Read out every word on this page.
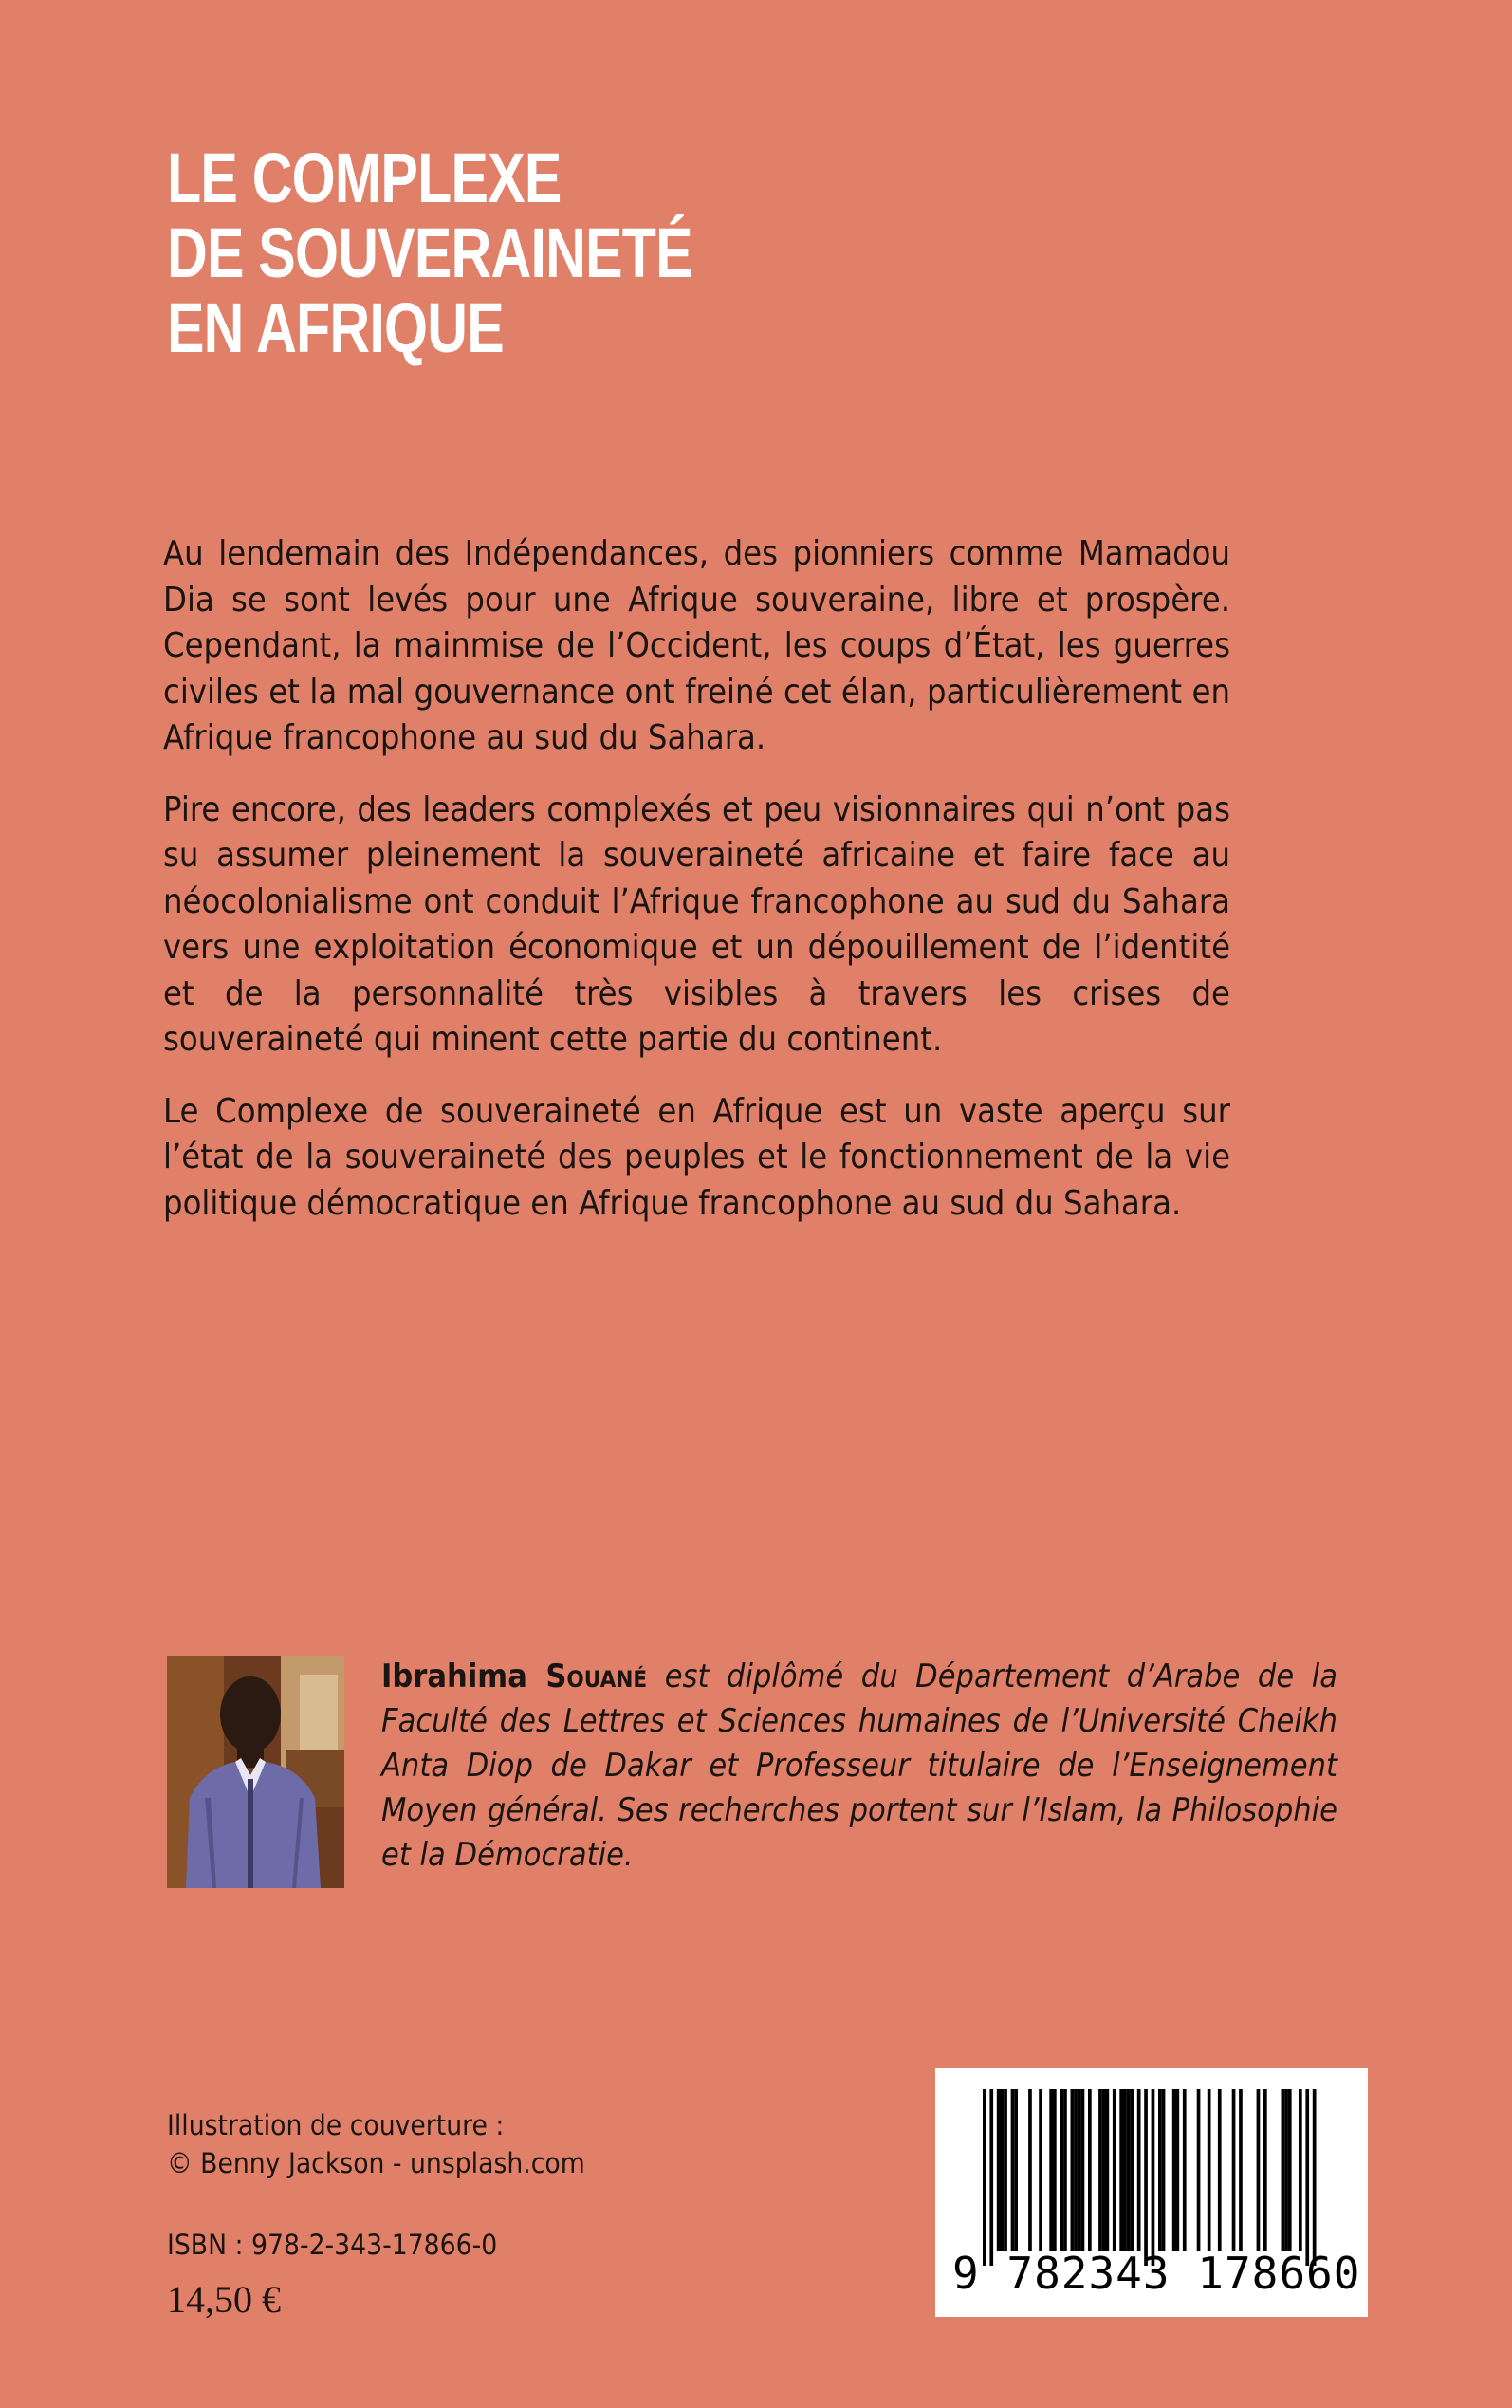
LE COMPLEXE
DE SOUVERAINETÉ
EN AFRIQUE

Au lendemain des Indépendances, des pionniers comme Mamadou Dia se sont levés pour une Afrique souveraine, libre et prospère. Cependant, la mainmise de l’Occident, les coups d’État, les guerres civiles et la mal gouvernance ont freiné cet élan, particulièrement en Afrique francophone au sud du Sahara.

Pire encore, des leaders complexés et peu visionnaires qui n’ont pas su assumer pleinement la souveraineté africaine et faire face au néocolonialisme ont conduit l’Afrique francophone au sud du Sahara vers une exploitation économique et un dépouillement de l’identité et de la personnalité très visibles à travers les crises de souveraineté qui minent cette partie du continent.

Le Complexe de souveraineté en Afrique est un vaste aperçu sur l’état de la souveraineté des peuples et le fonctionnement de la vie politique démocratique en Afrique francophone au sud du Sahara.

Ibrahima Souané est diplômé du Département d’Arabe de la Faculté des Lettres et Sciences humaines de l’Université Cheikh Anta Diop de Dakar et Professeur titulaire de l’Enseignement Moyen général. Ses recherches portent sur l’Islam, la Philosophie et la Démocratie.
Illustration de couverture :
© Benny Jackson - unsplash.com
ISBN : 978-2-343-17866-0
14,50 €
9 782343 178660
